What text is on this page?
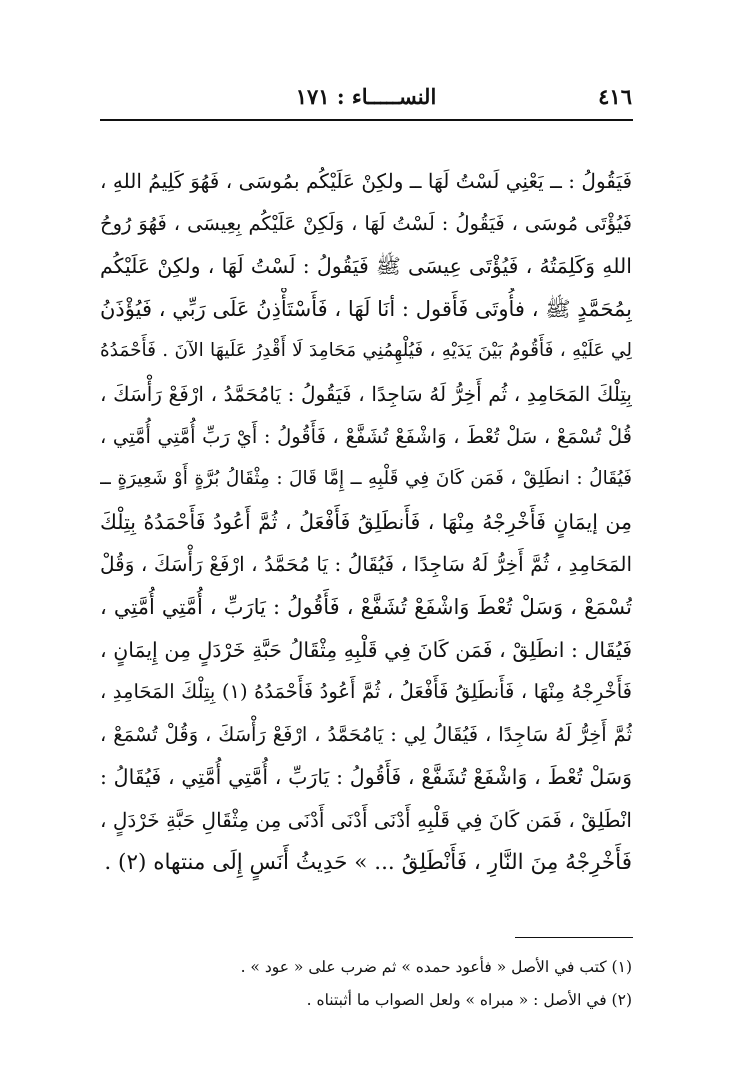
٤١٦
النســـــاء : ١٧١
فَيَقُولُ : ــ يَعْنِي لَسْتُ لَهَا ــ ولكِنْ عَلَيْكُم بمُوسَى ، فَهُوَ كَلِيمُ اللهِ ،
فَيُؤْتَى مُوسَى ، فَيَقُولُ : لَسْتُ لَهَا ، وَلَكِنْ عَلَيْكُم بِعِيسَى ، فَهُوَ رُوحُ
اللهِ وَكَلِمَتُهُ ، فَيُؤْتَى عِيسَى ﷺ فَيَقُولُ : لَسْتُ لَهَا ، ولكِنْ عَلَيْكُم
بِمُحَمَّدٍ ﷺ ، فأُوتَى فَأَقول : أنَا لَهَا ، فَأَسْتَأْذِنُ عَلَى رَبِّي ، فَيُؤْذَنُ
لِي عَلَيْهِ ، فَأَقُومُ بَيْنَ يَدَيْهِ ، فَيُلْهِمُنِي مَحَامِدَ لَا أَقْدِرُ عَلَيهَا الآنَ . فَأَحْمَدُهُ
بِتِلْكَ المَحَامِدِ ، ثُم أَخِرُّ لَهُ سَاجِدًا ، فَيَقُولُ : يَامُحَمَّدُ ، ارْفَعْ رَأْسَكَ ،
قُلْ تُسْمَعْ ، سَلْ تُعْطَ ، وَاشْفَعْ تُشَفَّعْ ، فَأَقُولُ : أَيْ رَبِّ أُمَّتِي أُمَّتِي ،
فَيُقَالُ : انطَلِقْ ، فَمَن كَانَ فِي قَلْبِهِ ــ إِمَّا قَالَ : مِثْقَالُ بُرَّةٍ أَوْ شَعِيرَةٍ ــ
مِن إيمَانٍ فَأَخْرِجْهُ مِنْهَا ، فَأَنطَلِقُ فَأَفْعَلُ ، ثُمَّ أَعُودُ فَأَحْمَدُهُ بِتِلْكَ
المَحَامِدِ ، ثُمَّ أَخِرُّ لَهُ سَاجِدًا ، فَيُقَالُ : يَا مُحَمَّدُ ، ارْفَعْ رَأْسَكَ ، وَقُلْ
تُسْمَعْ ، وَسَلْ تُعْطَ وَاشْفَعْ تُشَفَّعْ ، فَأَقُولُ : يَارَبِّ ، أُمَّتِي أُمَّتِي ،
فَيُقَال : انطَلِقْ ، فَمَن كَانَ فِي قَلْبِهِ مِثْقَالُ حَبَّةِ خَرْدَلٍ مِن إِيمَانٍ ،
فَأَخْرِجْهُ مِنْهَا ، فَأَنطَلِقُ فَأَفْعَلُ ، ثُمَّ أَعُودُ فَأَحْمَدُهُ (١) بِتِلْكَ المَحَامِدِ ،
ثُمَّ أَخِرُّ لَهُ سَاجِدًا ، فَيُقَالُ لِي : يَامُحَمَّدُ ، ارْفَعْ رَأْسَكَ ، وَقُلْ تُسْمَعْ ،
وَسَلْ تُعْطَ ، وَاشْفَعْ تُشَفَّعْ ، فَأَقُولُ : يَارَبِّ ، أُمَّتِي أُمَّتِي ، فَيُقَالُ :
انْطَلِقْ ، فَمَن كَانَ فِي قَلْبِهِ أَدْنَى أَدْنَى أَدْنَى مِن مِثْقَالِ حَبَّةِ خَرْدَلٍ ،
فَأَخْرِجْهُ مِنَ النَّارِ ، فَأَنْطَلِقُ ... » حَدِيثُ أَنَسٍ إِلَى منتهاه (٢) .
(١) كتب في الأصل « فأعود حمده » ثم ضرب على « عود » .
(٢) في الأصل : « مبراه » ولعل الصواب ما أثبتناه .
